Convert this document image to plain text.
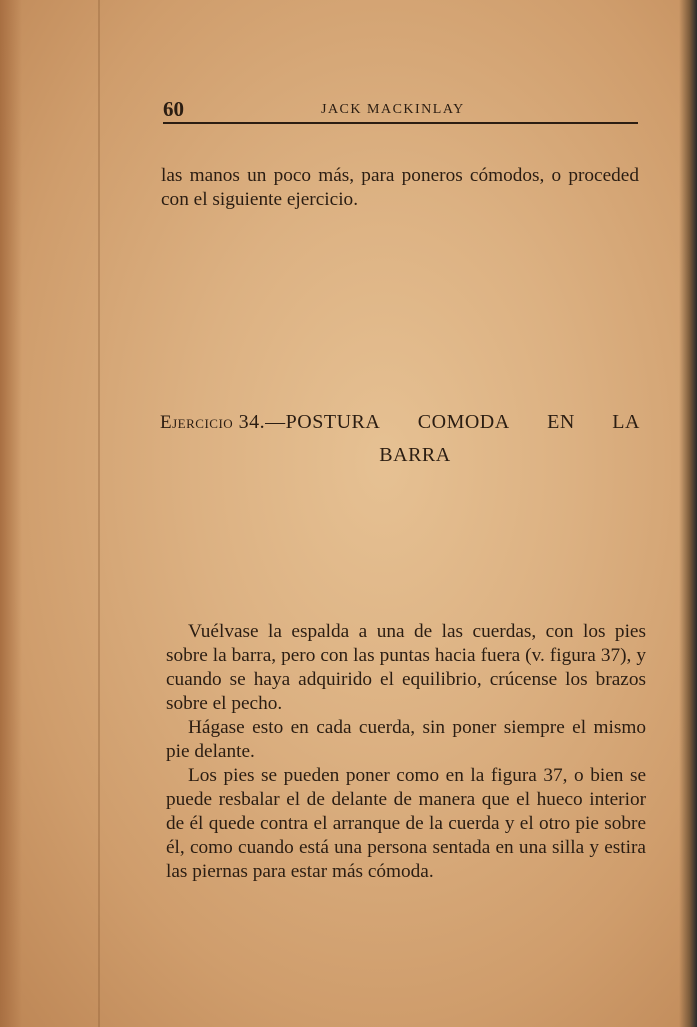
60	JACK MACKINLAY

las manos un poco más, para poneros cómodos, o proceded con el siguiente ejercicio.

Ejercicio 34.—POSTURA COMODA EN LA
BARRA

Vuélvase la espalda a una de las cuerdas, con los pies sobre la barra, pero con las puntas hacia fuera (v. figura 37), y cuando se haya adquirido el equilibrio, crúcense los brazos sobre el pecho.

Hágase esto en cada cuerda, sin poner siempre el mismo pie delante.

Los pies se pueden poner como en la figura 37, o bien se puede resbalar el de delante de manera que el hueco interior de él quede contra el arranque de la cuerda y el otro pie sobre él, como cuando está una persona sentada en una silla y estira las piernas para estar más cómoda.
